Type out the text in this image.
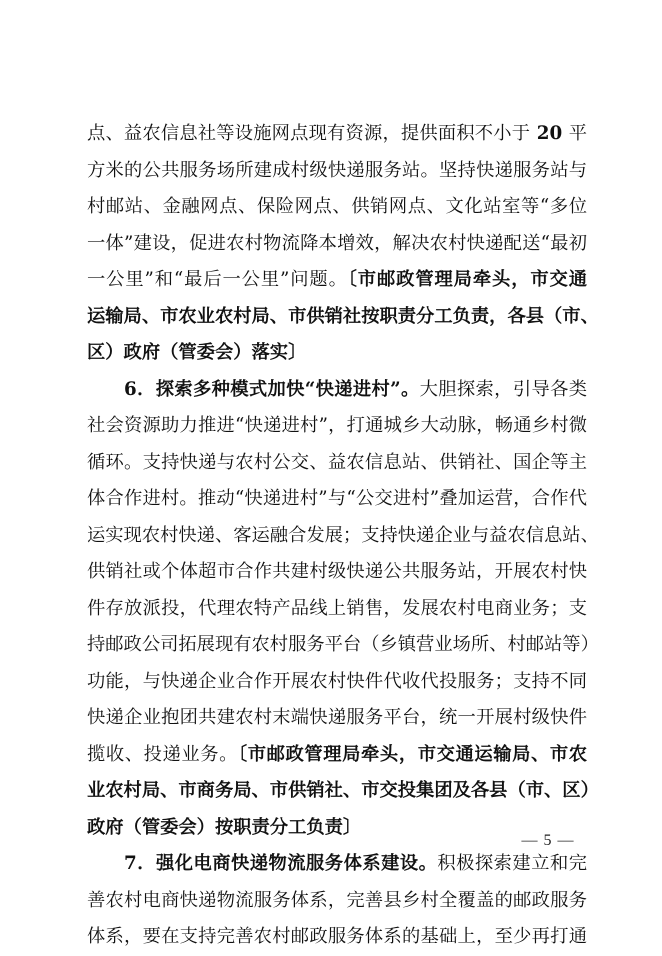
点、益农信息社等设施网点现有资源，提供面积不小于 20 平
方米的公共服务场所建成村级快递服务站。坚持快递服务站与
村邮站、金融网点、保险网点、供销网点、文化站室等“多位
一体”建设，促进农村物流降本增效，解决农村快递配送“最初
一公里”和“最后一公里”问题。〔市邮政管理局牵头，市交通
运输局、市农业农村局、市供销社按职责分工负责，各县（市、
区）政府（管委会）落实〕
6．探索多种模式加快“快递进村”。大胆探索，引导各类
社会资源助力推进“快递进村”，打通城乡大动脉，畅通乡村微
循环。支持快递与农村公交、益农信息站、供销社、国企等主
体合作进村。推动“快递进村”与“公交进村”叠加运营，合作代
运实现农村快递、客运融合发展；支持快递企业与益农信息站、
供销社或个体超市合作共建村级快递公共服务站，开展农村快
件存放派投，代理农特产品线上销售，发展农村电商业务；支
持邮政公司拓展现有农村服务平台（乡镇营业场所、村邮站等）
功能，与快递企业合作开展农村快件代收代投服务；支持不同
快递企业抱团共建农村末端快递服务平台，统一开展村级快件
揽收、投递业务。〔市邮政管理局牵头，市交通运输局、市农
业农村局、市商务局、市供销社、市交投集团及各县（市、区）
政府（管委会）按职责分工负责〕
7．强化电商快递物流服务体系建设。积极探索建立和完
善农村电商快递物流服务体系，完善县乡村全覆盖的邮政服务
体系，要在支持完善农村邮政服务体系的基础上，至少再打通
— 5 —
